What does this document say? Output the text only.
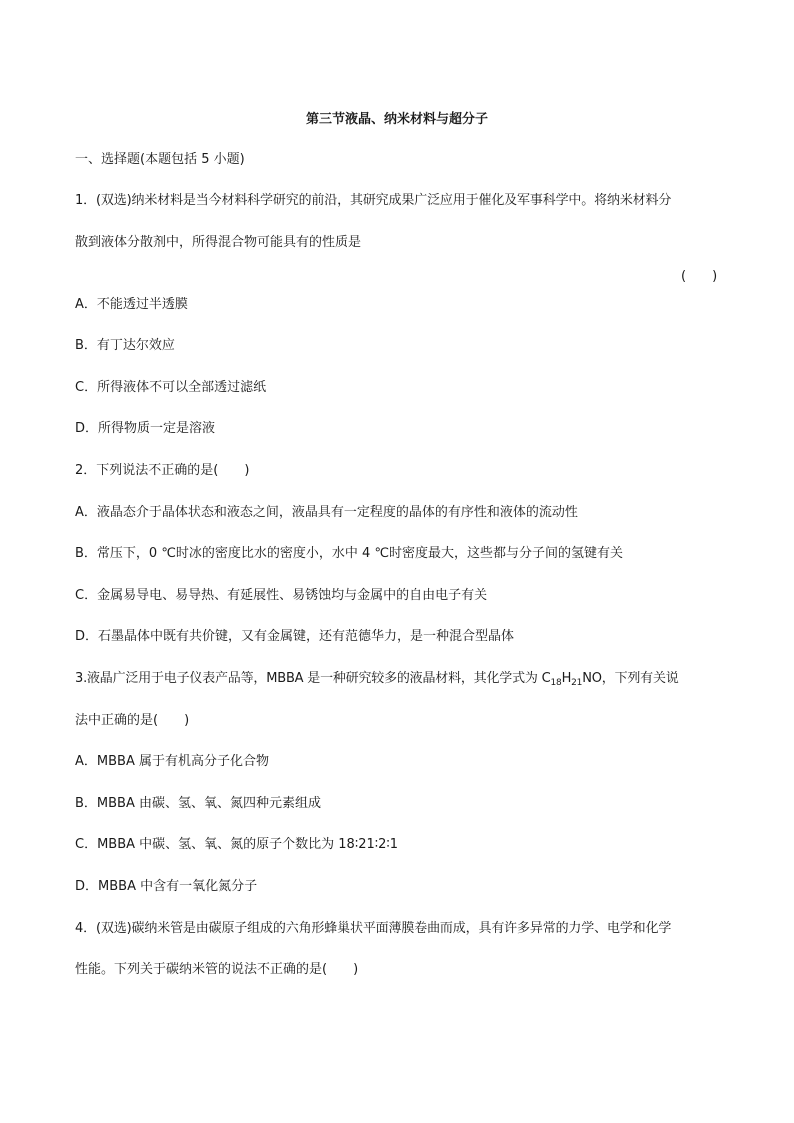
第三节液晶、纳米材料与超分子
一、选择题(本题包括 5 小题)
1．(双选)纳米材料是当今材料科学研究的前沿，其研究成果广泛应用于催化及军事科学中。将纳米材料分
散到液体分散剂中，所得混合物可能具有的性质是
(　　)
A．不能透过半透膜
B．有丁达尔效应
C．所得液体不可以全部透过滤纸
D．所得物质一定是溶液
2．下列说法不正确的是(　　)
A．液晶态介于晶体状态和液态之间，液晶具有一定程度的晶体的有序性和液体的流动性
B．常压下，0 ℃时冰的密度比水的密度小，水中 4 ℃时密度最大，这些都与分子间的氢键有关
C．金属易导电、易导热、有延展性、易锈蚀均与金属中的自由电子有关
D．石墨晶体中既有共价键，又有金属键，还有范德华力，是一种混合型晶体
3.液晶广泛用于电子仪表产品等，MBBA 是一种研究较多的液晶材料，其化学式为 $C_{18}H_{21}NO$，下列有关说
法中正确的是(　　)
A．MBBA 属于有机高分子化合物
B．MBBA 由碳、氢、氧、氮四种元素组成
C．MBBA 中碳、氢、氧、氮的原子个数比为 18∶21∶2∶1
D．MBBA 中含有一氧化氮分子
4．(双选)碳纳米管是由碳原子组成的六角形蜂巢状平面薄膜卷曲而成，具有许多异常的力学、电学和化学
性能。下列关于碳纳米管的说法不正确的是(　　)
